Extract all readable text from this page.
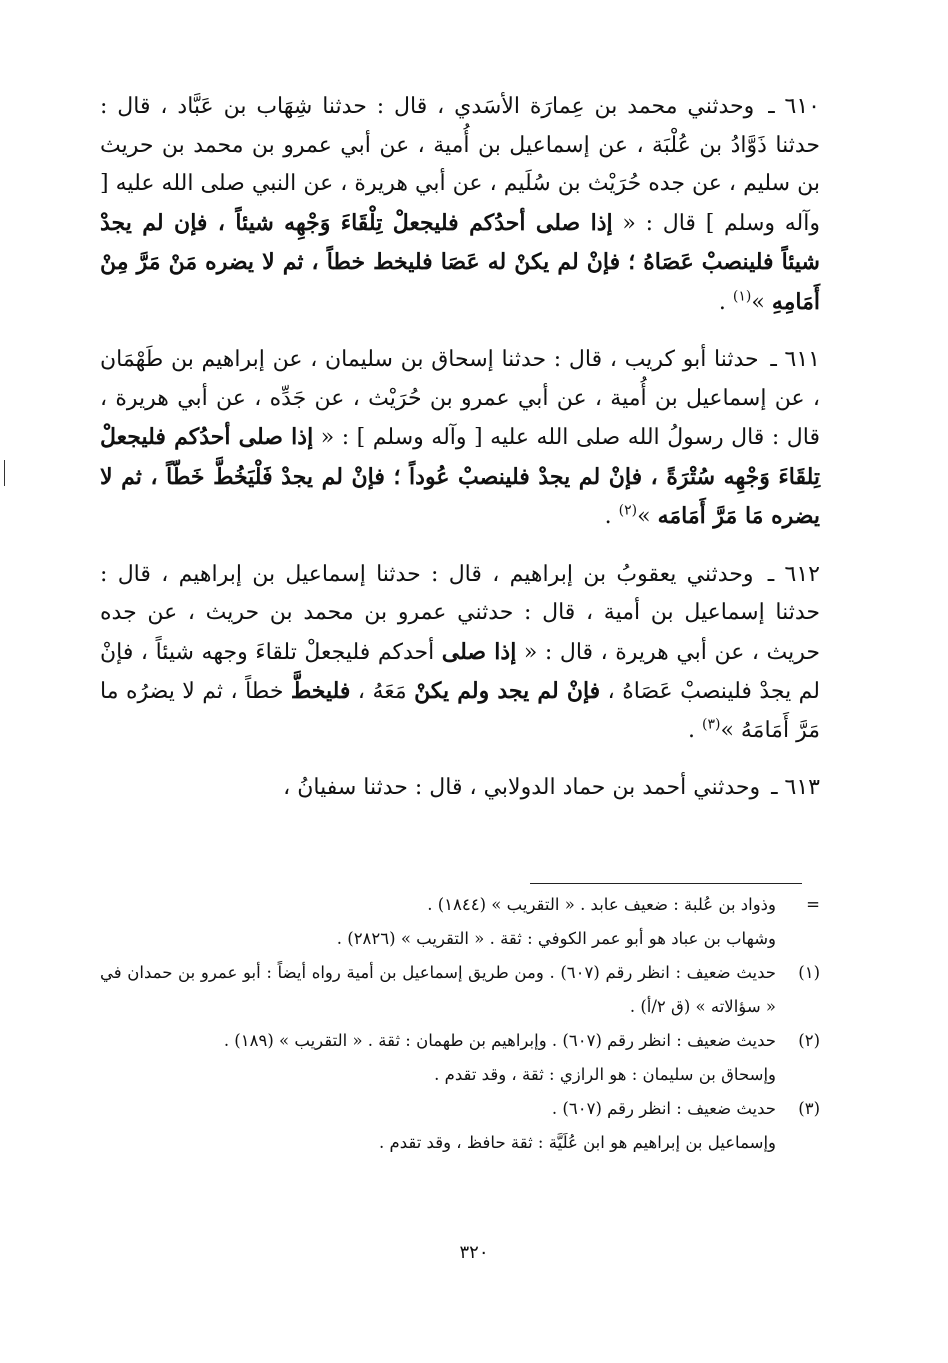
٦١٠ ـ وحدثني محمد بن عِمارَة الأسَدي ، قال : حدثنا شِهَاب بن عَبَّاد ، قال : حدثنا ذَوَّادُ بن عُلْبَة ، عن إسماعيل بن أُمية ، عن أبي عمرو بن محمد بن حريث بن سليم ، عن جده حُرَيْث بن سُلَيم ، عن أبي هريرة ، عن النبي صلى الله عليه [ وآله وسلم ] قال : « إذا صلى أحدُكم فليجعلْ تِلْقَاءَ وَجْهِه شيئاً ، فإن لم يجدْ شيئاً فلينصبْ عَصَاهُ ؛ فإنْ لم يكنْ له عَصَا فليخط خطاً ، ثم لا يضره مَنْ مَرَّ مِنْ أَمَامِهِ »$^{(١)}$ .

٦١١ ـ حدثنا أبو كريب ، قال : حدثنا إسحاق بن سليمان ، عن إبراهيم بن طَهْمَان ، عن إسماعيل بن أُمية ، عن أبي عمرو بن حُرَيْث ، عن جَدِّه ، عن أبي هريرة ، قال : قال رسولُ الله صلى الله عليه [ وآله وسلم ] : « إذا صلى أحدُكم فليجعلْ تِلقَاءَ وَجْهِه سُتْرَةً ، فإنْ لم يجدْ فلينصبْ عُوداً ؛ فإنْ لم يجدْ فَلْيَخُطَّ خَطّاً ، ثم لا يضره مَا مَرَّ أَمَامَه »$^{(٢)}$ .

٦١٢ ـ وحدثني يعقوبُ بن إبراهيم ، قال : حدثنا إسماعيل بن إبراهيم ، قال : حدثنا إسماعيل بن أمية ، قال : حدثني عمرو بن محمد بن حريث ، عن جده حريث ، عن أبي هريرة ، قال : « إذا صلى أحدكم فليجعلْ تلقاءَ وجهه شيئاً ، فإنْ لم يجدْ فلينصبْ عَصَاهُ ، فإنْ لم يجد ولم يكنْ مَعَهُ ، فليخطَّ خطاً ، ثم لا يضرُه ما مَرَّ أَمَامَهُ »$^{(٣)}$ .

٦١٣ ـ وحدثني أحمد بن حماد الدولابي ، قال : حدثنا سفيانُ ،

=
وذواد بن عُلبة : ضعيف عابد . « التقريب » (١٨٤٤) .
وشهاب بن عباد هو أبو عمر الكوفي : ثقة . « التقريب » (٢٨٢٦) .
(١)
حديث ضعيف : انظر رقم (٦٠٧) . ومن طريق إسماعيل بن أمية رواه أيضاً : أبو عمرو بن حمدان في « سؤالاته » (ق ٢/أ) .
(٢)
حديث ضعيف : انظر رقم (٦٠٧) . وإبراهيم بن طهمان : ثقة . « التقريب » (١٨٩) .
وإسحاق بن سليمان : هو الرازي : ثقة ، وقد تقدم .
(٣)
حديث ضعيف : انظر رقم (٦٠٧) .
وإسماعيل بن إبراهيم هو ابن عُلَيَّة : ثقة حافظ ، وقد تقدم .
٣٢٠
